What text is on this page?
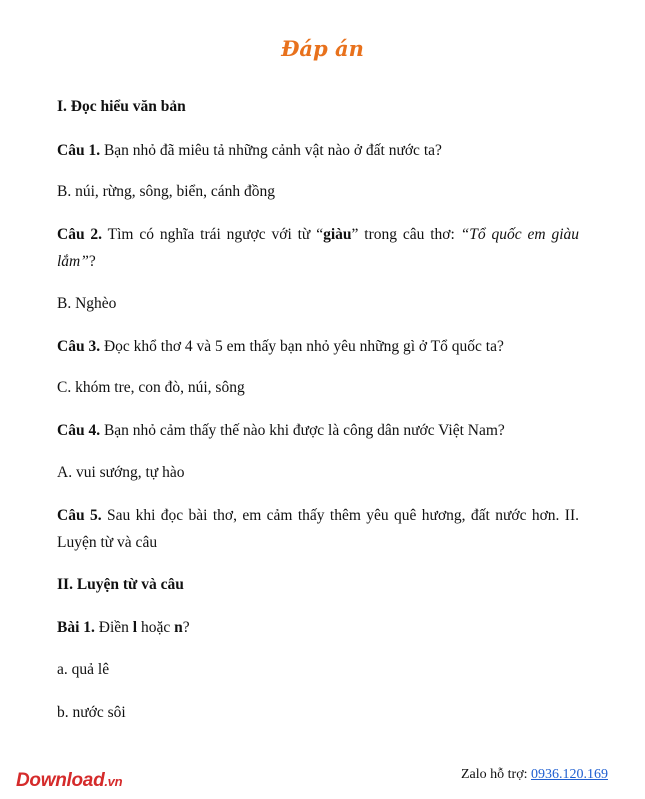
Đáp án
I. Đọc hiểu văn bản
Câu 1. Bạn nhỏ đã miêu tả những cảnh vật nào ở đất nước ta?
B. núi, rừng, sông, biển, cánh đồng
Câu 2. Tìm có nghĩa trái ngược với từ “giàu” trong câu thơ: “Tổ quốc em giàu
lắm”?
B. Nghèo
Câu 3. Đọc khổ thơ 4 và 5 em thấy bạn nhỏ yêu những gì ở Tổ quốc ta?
C. khóm tre, con đò, núi, sông
Câu 4. Bạn nhỏ cảm thấy thế nào khi được là công dân nước Việt Nam?
A. vui sướng, tự hào
Câu 5. Sau khi đọc bài thơ, em cảm thấy thêm yêu quê hương, đất nước hơn. II.
Luyện từ và câu
II. Luyện từ và câu
Bài 1. Điền l hoặc n?
a. quả lê
b. nước sôi
Download.vn	Zalo hỗ trợ: 0936.120.169
